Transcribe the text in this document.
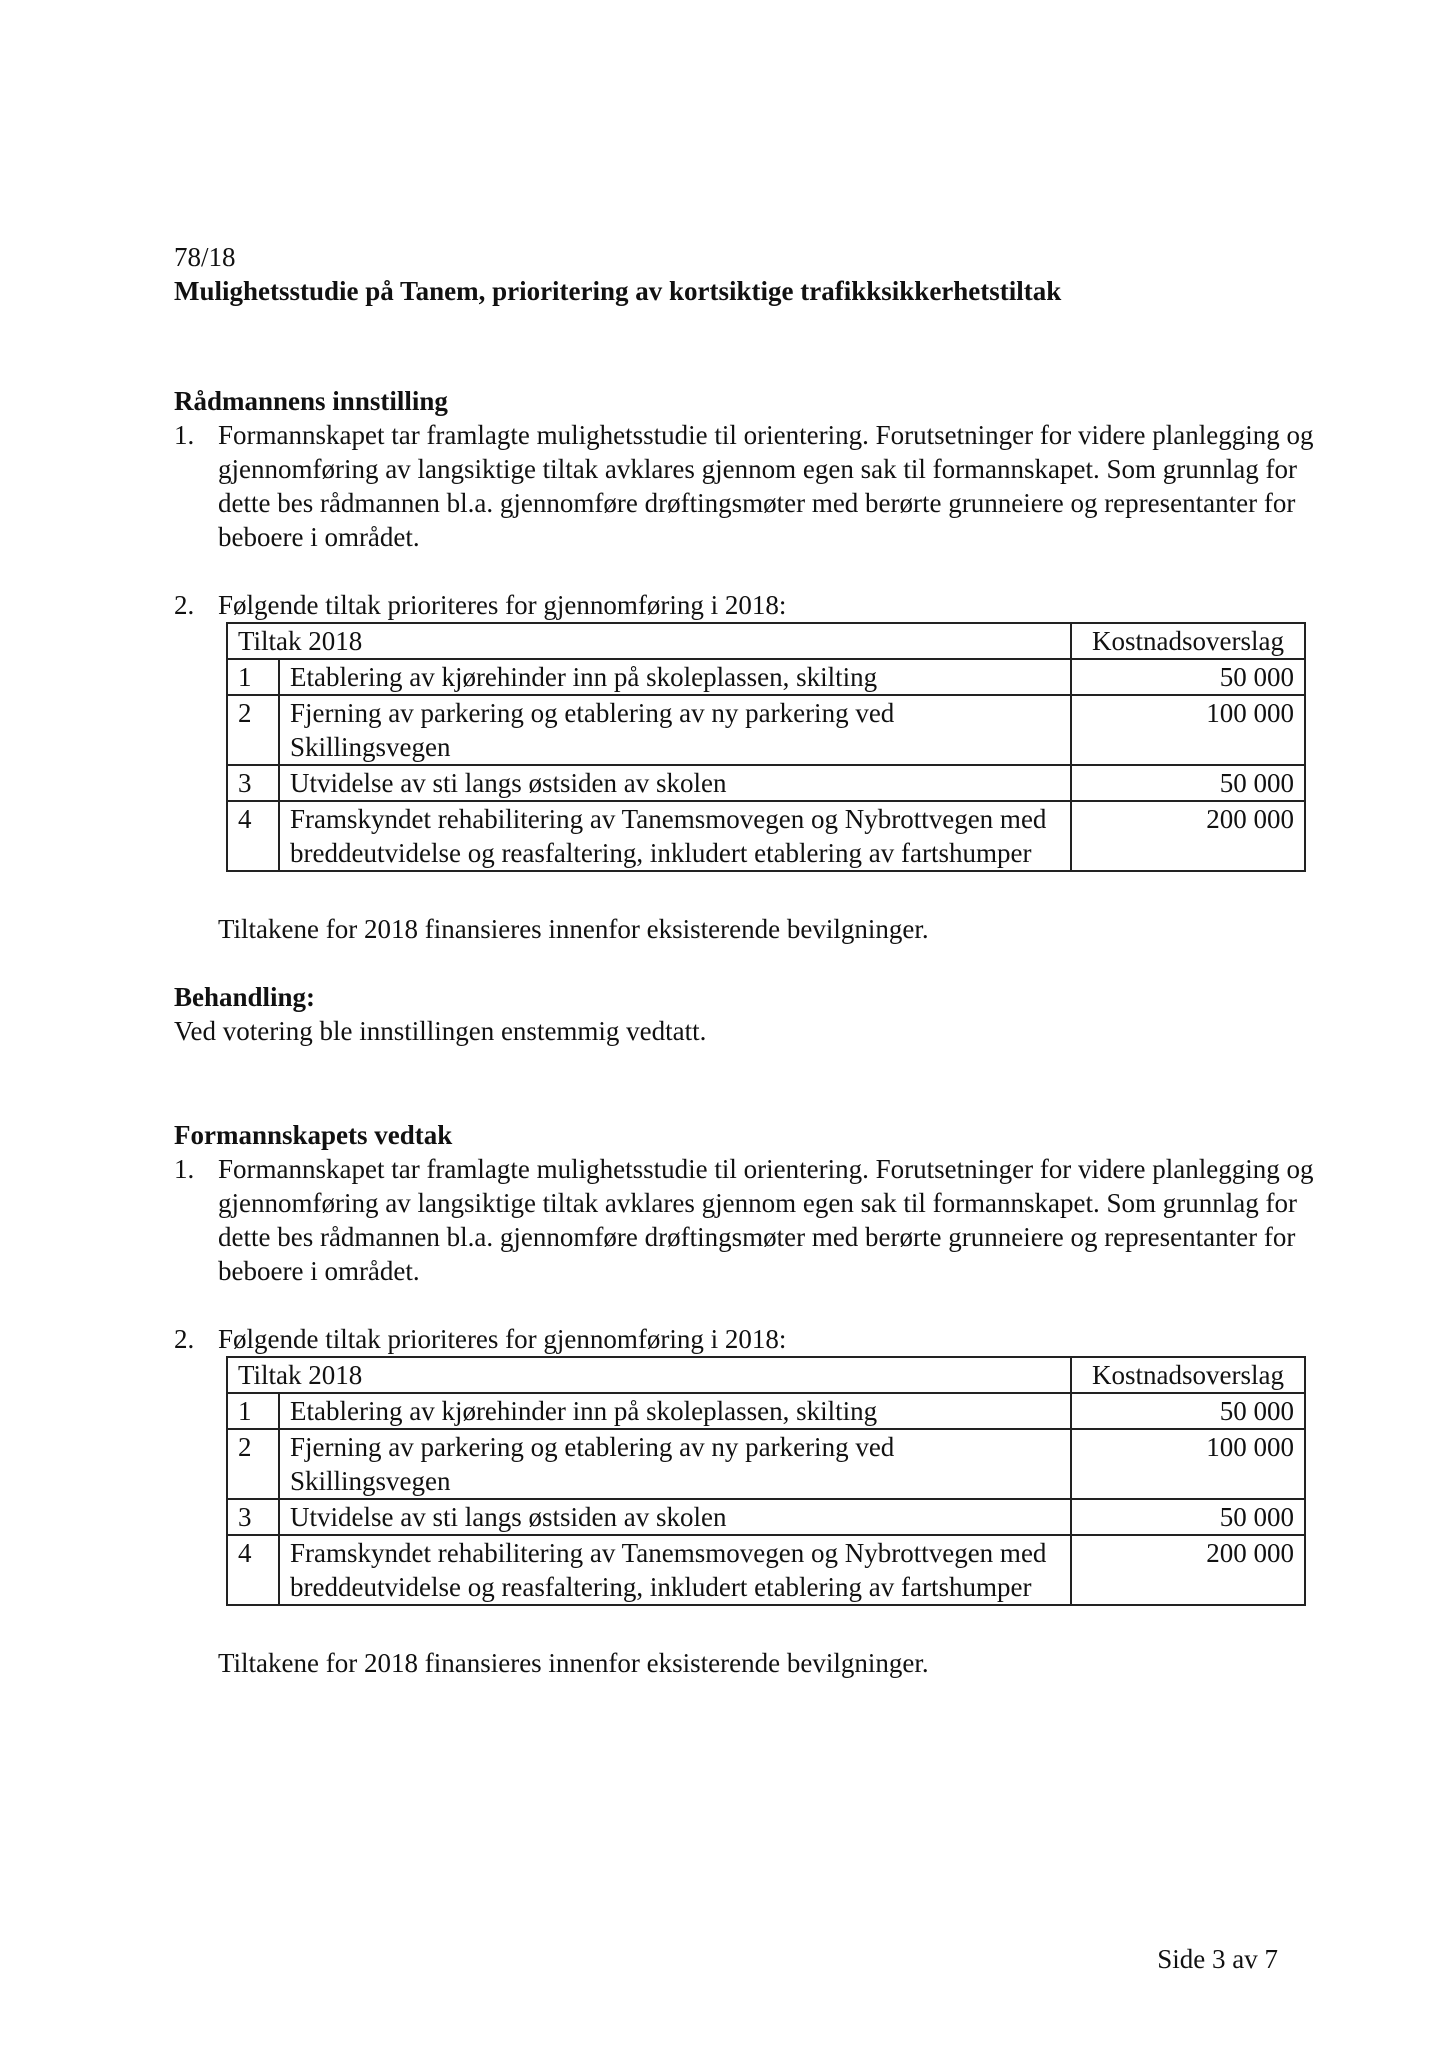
78/18

Mulighetsstudie på Tanem, prioritering av kortsiktige trafikksikkerhetstiltak

Rådmannens innstilling

1. Formannskapet tar framlagte mulighetsstudie til orientering. Forutsetninger for videre planlegging og gjennomføring av langsiktige tiltak avklares gjennom egen sak til formannskapet. Som grunnlag for dette bes rådmannen bl.a. gjennomføre drøftingsmøter med berørte grunneiere og representanter for beboere i området.
2. Følgende tiltak prioriteres for gjennomføring i 2018:
Tiltak 2018		Kostnadsoverslag
1	Etablering av kjørehinder inn på skoleplassen, skilting	50 000
2	Fjerning av parkering og etablering av ny parkering ved Skillingsvegen	100 000
3	Utvidelse av sti langs østsiden av skolen	50 000
4	Framskyndet rehabilitering av Tanemsmovegen og Nybrottvegen med breddeutvidelse og reasfaltering, inkludert etablering av fartshumper	200 000

Tiltakene for 2018 finansieres innenfor eksisterende bevilgninger.

Behandling:

Ved votering ble innstillingen enstemmig vedtatt.

Formannskapets vedtak

1. Formannskapet tar framlagte mulighetsstudie til orientering. Forutsetninger for videre planlegging og gjennomføring av langsiktige tiltak avklares gjennom egen sak til formannskapet. Som grunnlag for dette bes rådmannen bl.a. gjennomføre drøftingsmøter med berørte grunneiere og representanter for beboere i området.
2. Følgende tiltak prioriteres for gjennomføring i 2018:
Tiltak 2018		Kostnadsoverslag
1	Etablering av kjørehinder inn på skoleplassen, skilting	50 000
2	Fjerning av parkering og etablering av ny parkering ved Skillingsvegen	100 000
3	Utvidelse av sti langs østsiden av skolen	50 000
4	Framskyndet rehabilitering av Tanemsmovegen og Nybrottvegen med breddeutvidelse og reasfaltering, inkludert etablering av fartshumper	200 000

Tiltakene for 2018 finansieres innenfor eksisterende bevilgninger.

Side 3 av 7
